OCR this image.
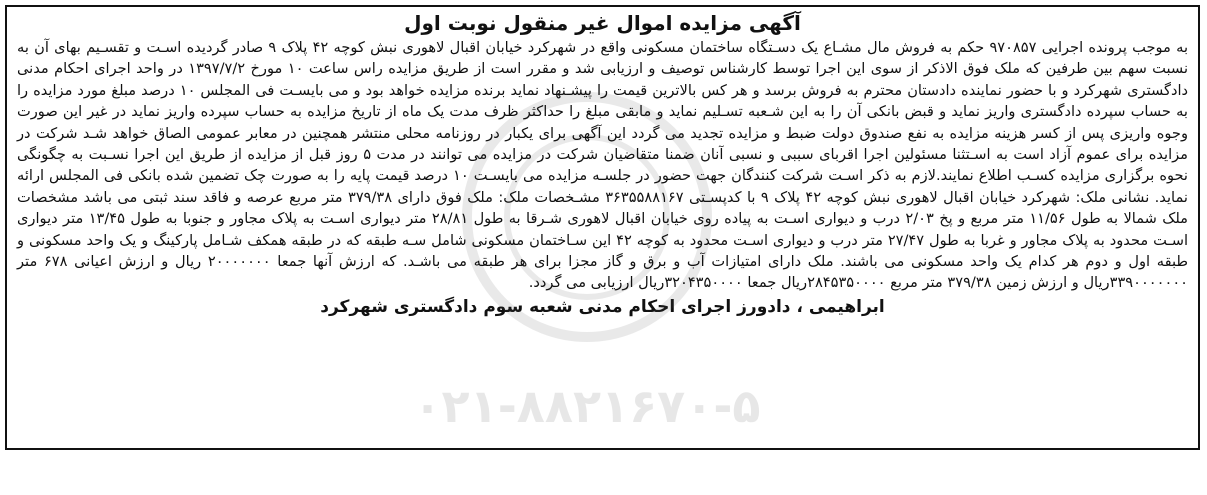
۰۲۱-۸۸۲۱۶۷۰-۵
آگهی مزایده اموال غیر منقول نوبت اول

به موجب پرونده اجرایی ۹۷۰۸۵۷ حکم به فروش مال مشـاع یک دسـتگاه ساختمان مسکونی واقع در شهرکرد خیابان اقبال لاهوری نبش کوچه ۴۲ پلاک ۹ صادر گردیده اسـت و تقسـیم بهای آن به نسبت سهم بین طرفین که ملک فوق الاذکر از سوی این اجرا توسط کارشناس توصیف و ارزیابی شد و مقرر است از طریق مزایده راس ساعت ۱۰ مورخ ۱۳۹۷/۷/۲ در واحد اجرای احکام مدنی دادگستری شهرکرد و با حضور نماینده دادستان محترم به فروش برسد و هر کس بالاترین قیمت را پیشـنهاد نماید برنده مزایده خواهد بود و می بایسـت فی المجلس ۱۰ درصد مبلغ مورد مزایده را به حساب سپرده دادگستری واریز نماید و قبض بانکی آن را به این شـعبه تسـلیم نماید و مابقی مبلغ را حداکثر ظرف مدت یک ماه از تاریخ مزایده به حساب سپرده واریز نماید در غیر این صورت وجوه واریزی پس از کسر هزینه مزایده به نفع صندوق دولت ضبط و مزایده تجدید می گردد این آگهی برای یکبار در روزنامه محلی منتشر همچنین در معابر عمومی الصاق خواهد شـد شرکت در مزایده برای عموم آزاد است به اسـتثنا مسئولین اجرا اقربای سببی و نسبی آنان ضمنا متقاضیان شرکت در مزایده می توانند در مدت ۵ روز قبل از مزایده از طریق این اجرا نسـبت به چگونگی نحوه برگزاری مزایده کسـب اطلاع نمایند.لازم به ذکر اسـت شرکت کنندگان جهت حضور در جلسـه مزایده می بایسـت ۱۰ درصد قیمت پایه را به صورت چک تضمین شده بانکی فی المجلس ارائه نماید. نشانی ملک: شهرکرد خیابان اقبال لاهوری نبش کوچه ۴۲ پلاک ۹ با کدپسـتی ۳۶۳۵۵۸۸۱۶۷ مشـخصات ملک: ملک فوق دارای ۳۷۹/۳۸ متر مربع عرصه و فاقد سند ثبتی می باشد مشخصات ملک شمالا به طول ۱۱/۵۶ متر مربع و پخ ۲/۰۳ درب و دیواری اسـت به پیاده روی خیابان اقبال لاهوری شـرقا به طول ۲۸/۸۱ متر دیواری اسـت به پلاک مجاور و جنوبا به طول ۱۳/۴۵ متر دیواری اسـت محدود به پلاک مجاور و غربا به طول ۲۷/۴۷ متر درب و دیواری اسـت محدود به کوچه ۴۲ این سـاختمان مسکونی شامل سـه طبقه که در طبقه همکف شـامل پارکینگ و یک واحد مسکونی و طبقه اول و دوم هر کدام یک واحد مسکونی می باشند. ملک دارای امتیازات آب و برق و گاز مجزا برای هر طبقه می باشـد. که ارزش آنها جمعا ۲۰۰۰۰۰۰۰ ریال و ارزش اعیانی ۶۷۸ متر ۳۳۹۰۰۰۰۰۰۰ریال و ارزش زمین ۳۷۹/۳۸ متر مربع ۲۸۴۵۳۵۰۰۰۰ریال جمعا ۳۲۰۴۳۵۰۰۰۰ریال ارزیابی می گردد.

ابراهیمی ، دادورز اجرای احکام مدنی شعبه سوم دادگستری شهرکرد
